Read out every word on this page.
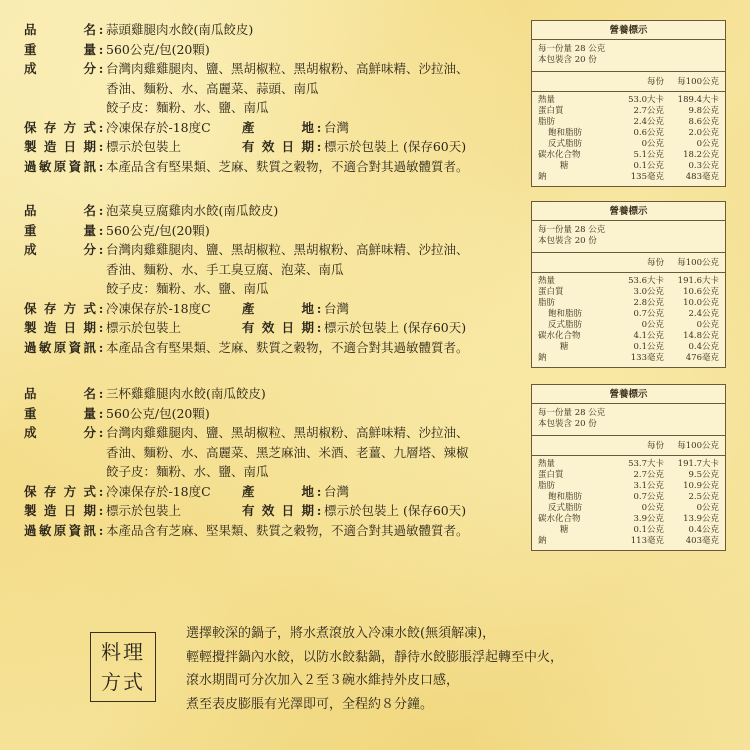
品	名 : 蒜頭雞腿肉水餃(南瓜餃皮)
重	量 : 560公克/包(20顆)
成	分 : 台灣肉雞雞腿肉、鹽、黑胡椒粒、黑胡椒粉、高鮮味精、沙拉油、
香油、麵粉、水、高麗菜、蒜頭、南瓜
餃子皮：麵粉、水、鹽、南瓜
保 存 方 式 : 冷凍保存於-18度C	產	地 : 台灣
製 造 日 期 : 標示於包裝上	有 效 日 期 : 標示於包裝上 (保存60天)
過 敏 原 資 訊 : 本產品含有堅果類、芝麻、麩質之穀物，不適合對其過敏體質者。
營養標示
每一份量 28 公克
本包裝含 20 份
每份	每100公克
熱量	53.0大卡	189.4大卡
蛋白質	2.7公克	9.8公克
脂肪	2.4公克	8.6公克
飽和脂肪	0.6公克	2.0公克
反式脂肪	0公克	0公克
碳水化合物	5.1公克	18.2公克
糖	0.1公克	0.3公克
鈉	135毫克	483毫克
品	名 : 泡菜臭豆腐雞肉水餃(南瓜餃皮)
重	量 : 560公克/包(20顆)
成	分 : 台灣肉雞雞腿肉、鹽、黑胡椒粒、黑胡椒粉、高鮮味精、沙拉油、
香油、麵粉、水、手工臭豆腐、泡菜、南瓜
餃子皮：麵粉、水、鹽、南瓜
保 存 方 式 : 冷凍保存於-18度C	產	地 : 台灣
製 造 日 期 : 標示於包裝上	有 效 日 期 : 標示於包裝上 (保存60天)
過 敏 原 資 訊 : 本產品含有堅果類、芝麻、麩質之穀物，不適合對其過敏體質者。
營養標示
每一份量 28 公克
本包裝含 20 份
每份	每100公克
熱量	53.6大卡	191.6大卡
蛋白質	3.0公克	10.6公克
脂肪	2.8公克	10.0公克
飽和脂肪	0.7公克	2.4公克
反式脂肪	0公克	0公克
碳水化合物	4.1公克	14.8公克
糖	0.1公克	0.4公克
鈉	133毫克	476毫克
品	名 : 三杯雞雞腿肉水餃(南瓜餃皮)
重	量 : 560公克/包(20顆)
成	分 : 台灣肉雞雞腿肉、鹽、黑胡椒粒、黑胡椒粉、高鮮味精、沙拉油、
香油、麵粉、水、高麗菜、黑芝麻油、米酒、老薑、九層塔、辣椒
餃子皮：麵粉、水、鹽、南瓜
保 存 方 式 : 冷凍保存於-18度C	產	地 : 台灣
製 造 日 期 : 標示於包裝上	有 效 日 期 : 標示於包裝上 (保存60天)
過 敏 原 資 訊 : 本產品含有芝麻、堅果類、麩質之穀物，不適合對其過敏體質者。
營養標示
每一份量 28 公克
本包裝含 20 份
每份	每100公克
熱量	53.7大卡	191.7大卡
蛋白質	2.7公克	9.5公克
脂肪	3.1公克	10.9公克
飽和脂肪	0.7公克	2.5公克
反式脂肪	0公克	0公克
碳水化合物	3.9公克	13.9公克
糖	0.1公克	0.4公克
鈉	113毫克	403毫克
料理
方式
選擇較深的鍋子，將水煮滾放入冷凍水餃(無須解凍)，
輕輕攪拌鍋內水餃，以防水餃黏鍋，靜待水餃膨脹浮起轉至中火，
滾水期間可分次加入２至３碗水維持外皮口感，
煮至表皮膨脹有光澤即可，全程約８分鐘。
